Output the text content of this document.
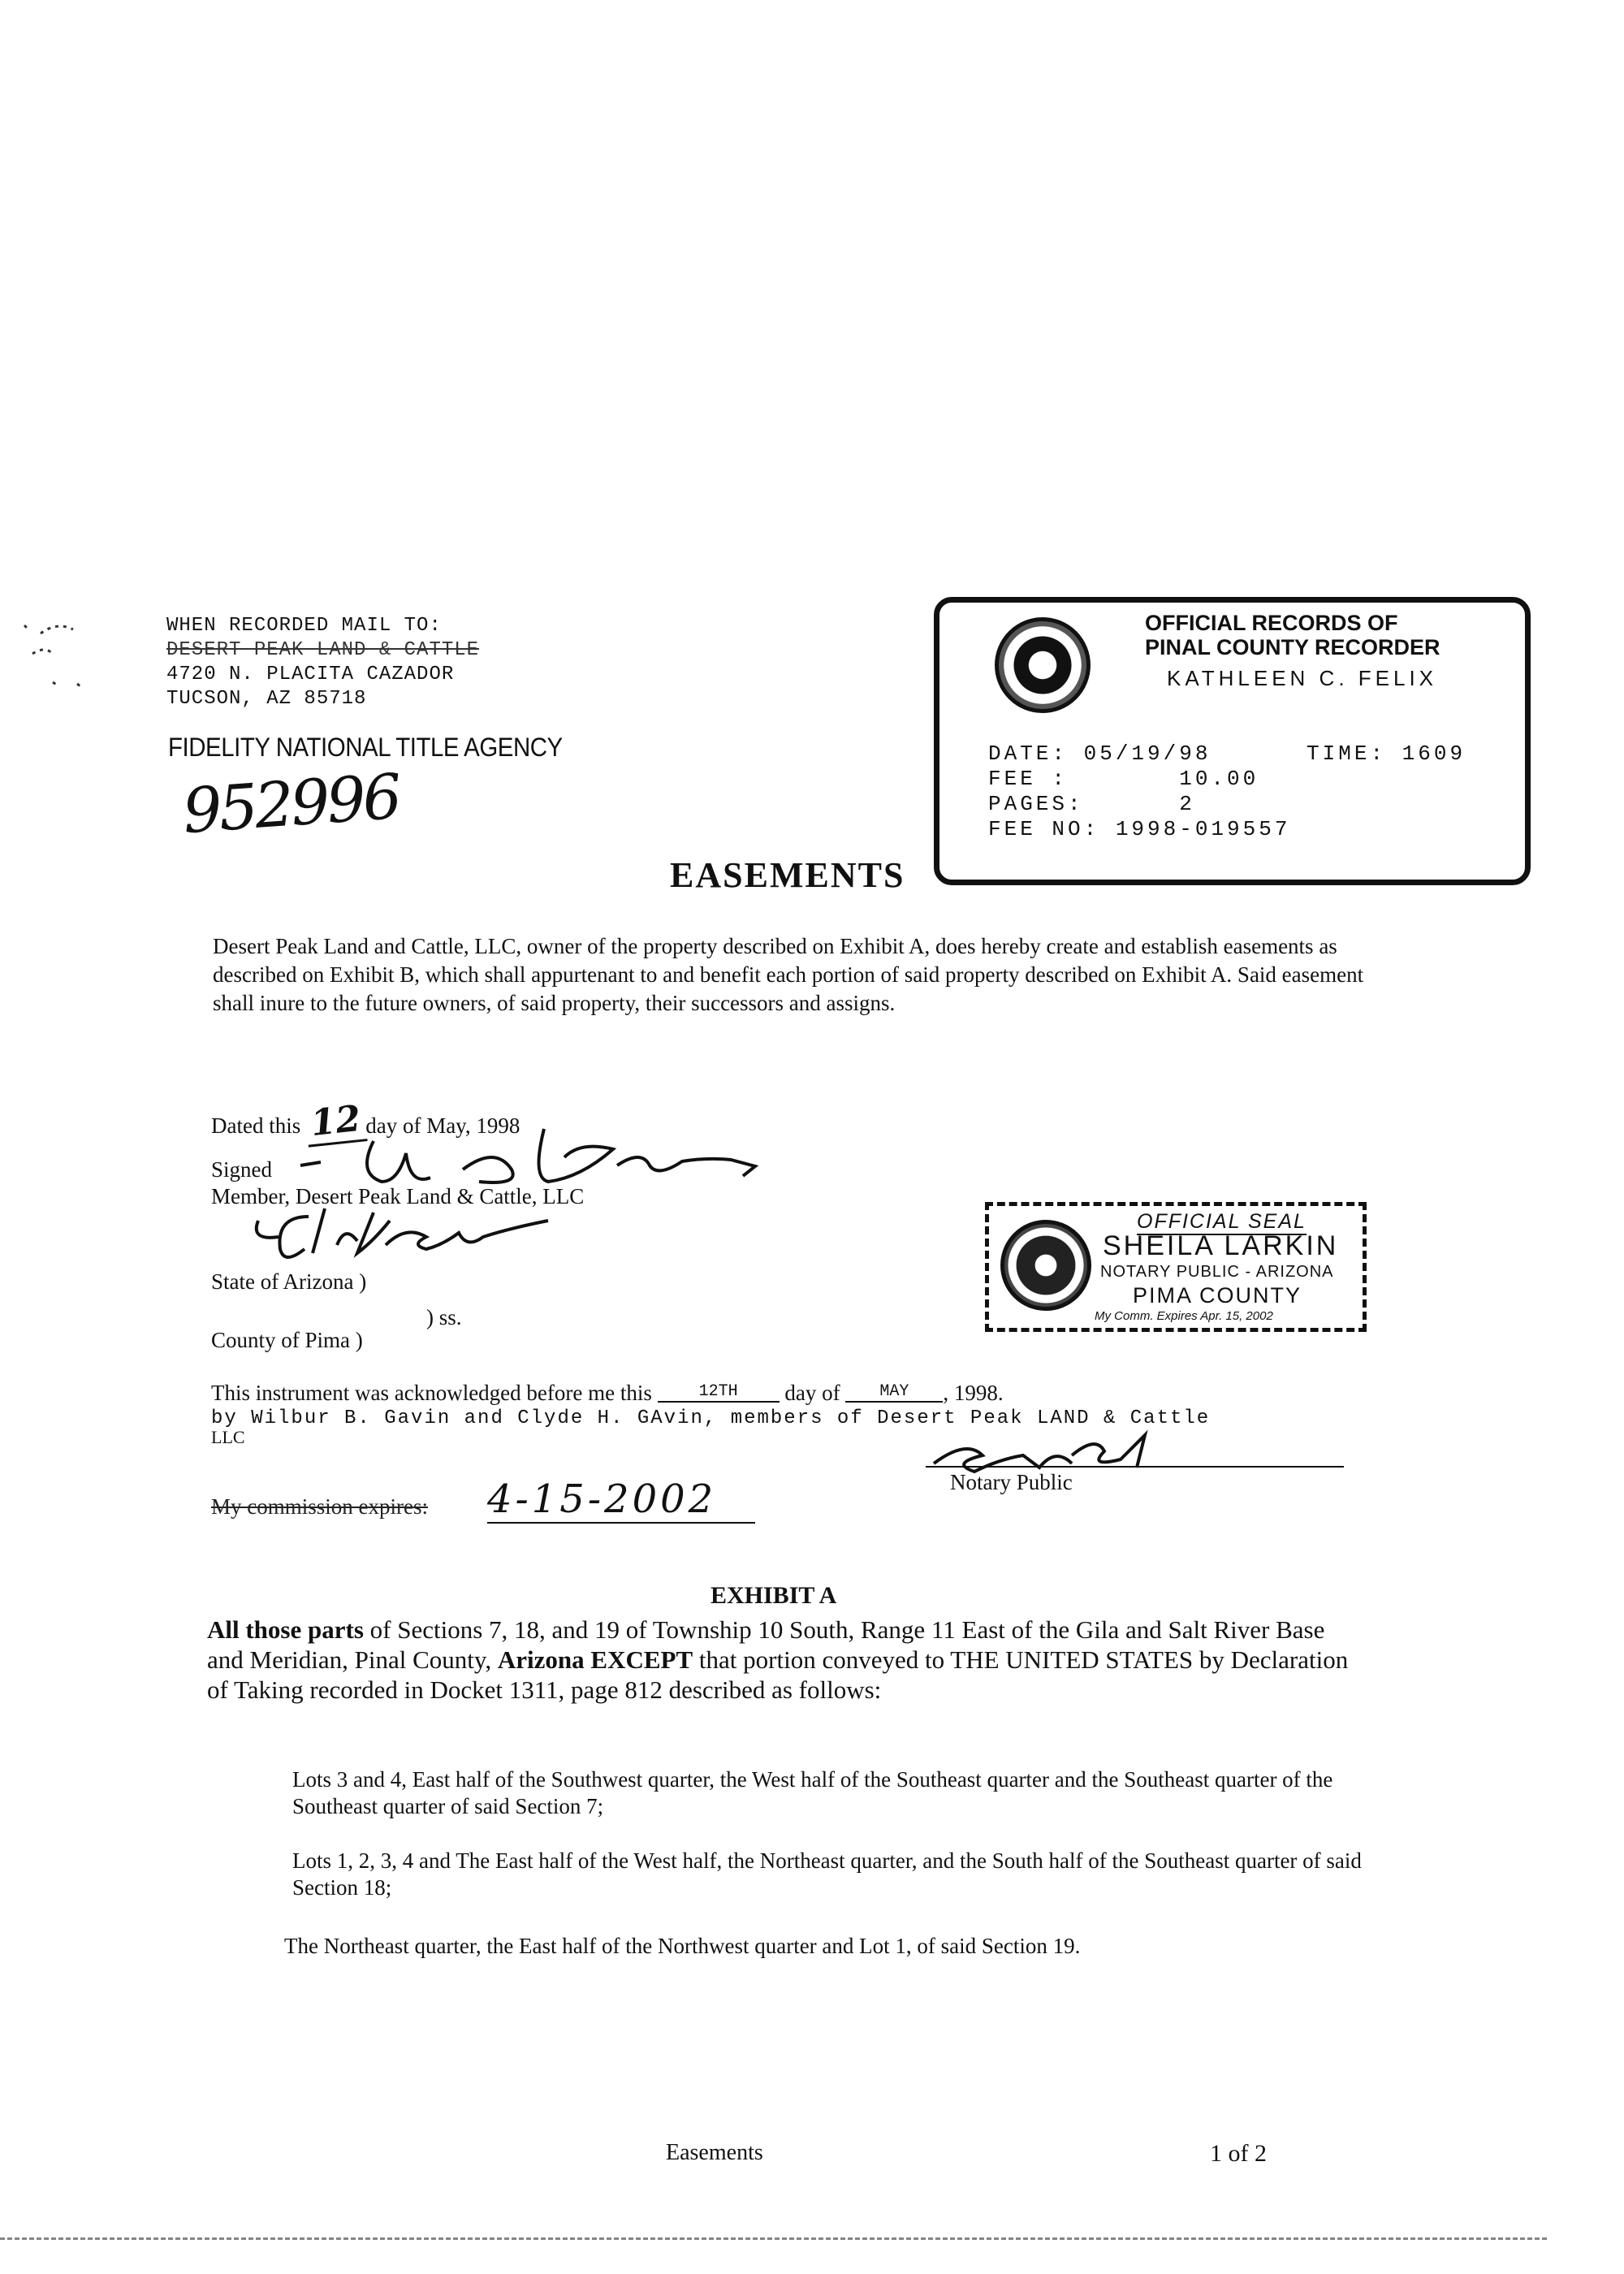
WHEN RECORDED MAIL TO:
DESERT PEAK LAND & CATTLE
4720 N. PLACITA CAZADOR
TUCSON, AZ 85718
FIDELITY NATIONAL TITLE AGENCY
952996
OFFICIAL RECORDS OF
PINAL COUNTY RECORDER
KATHLEEN C. FELIX
DATE: 05/19/98      TIME: 1609
FEE :       10.00
PAGES:      2
FEE NO: 1998-019557
EASEMENTS
Desert Peak Land and Cattle, LLC, owner of the property described on Exhibit A, does hereby create and establish easements as described on Exhibit B, which shall appurtenant to and benefit each portion of said property described on Exhibit A. Said easement shall inure to the future owners, of said property, their successors and assigns.
Dated this 12 day of May, 1998
Signed
Member, Desert Peak Land & Cattle, LLC
State of Arizona )
) ss.
County of Pima )
OFFICIAL SEAL
SHEILA LARKIN
NOTARY PUBLIC - ARIZONA
PIMA COUNTY
My Comm. Expires Apr. 15, 2002
This instrument was acknowledged before me this	12TH day of MAY , 1998.
by Wilbur B. Gavin and Clyde H. GAvin, members of Desert Peak LAND & Cattle
LLC
Notary Public
My commission expires: 4-15-2002
EXHIBIT A
All those parts of Sections 7, 18, and 19 of Township 10 South, Range 11 East of the Gila and Salt River Base and Meridian, Pinal County, Arizona EXCEPT that portion conveyed to THE UNITED STATES by Declaration of Taking recorded in Docket 1311, page 812 described as follows:
Lots 3 and 4, East half of the Southwest quarter, the West half of the Southeast quarter and the Southeast quarter of the Southeast quarter of said Section 7;
Lots 1, 2, 3, 4 and The East half of the West half, the Northeast quarter, and the South half of the Southeast quarter of said Section 18;
The Northeast quarter, the East half of the Northwest quarter and Lot 1, of said Section 19.
Easements	1 of 2
